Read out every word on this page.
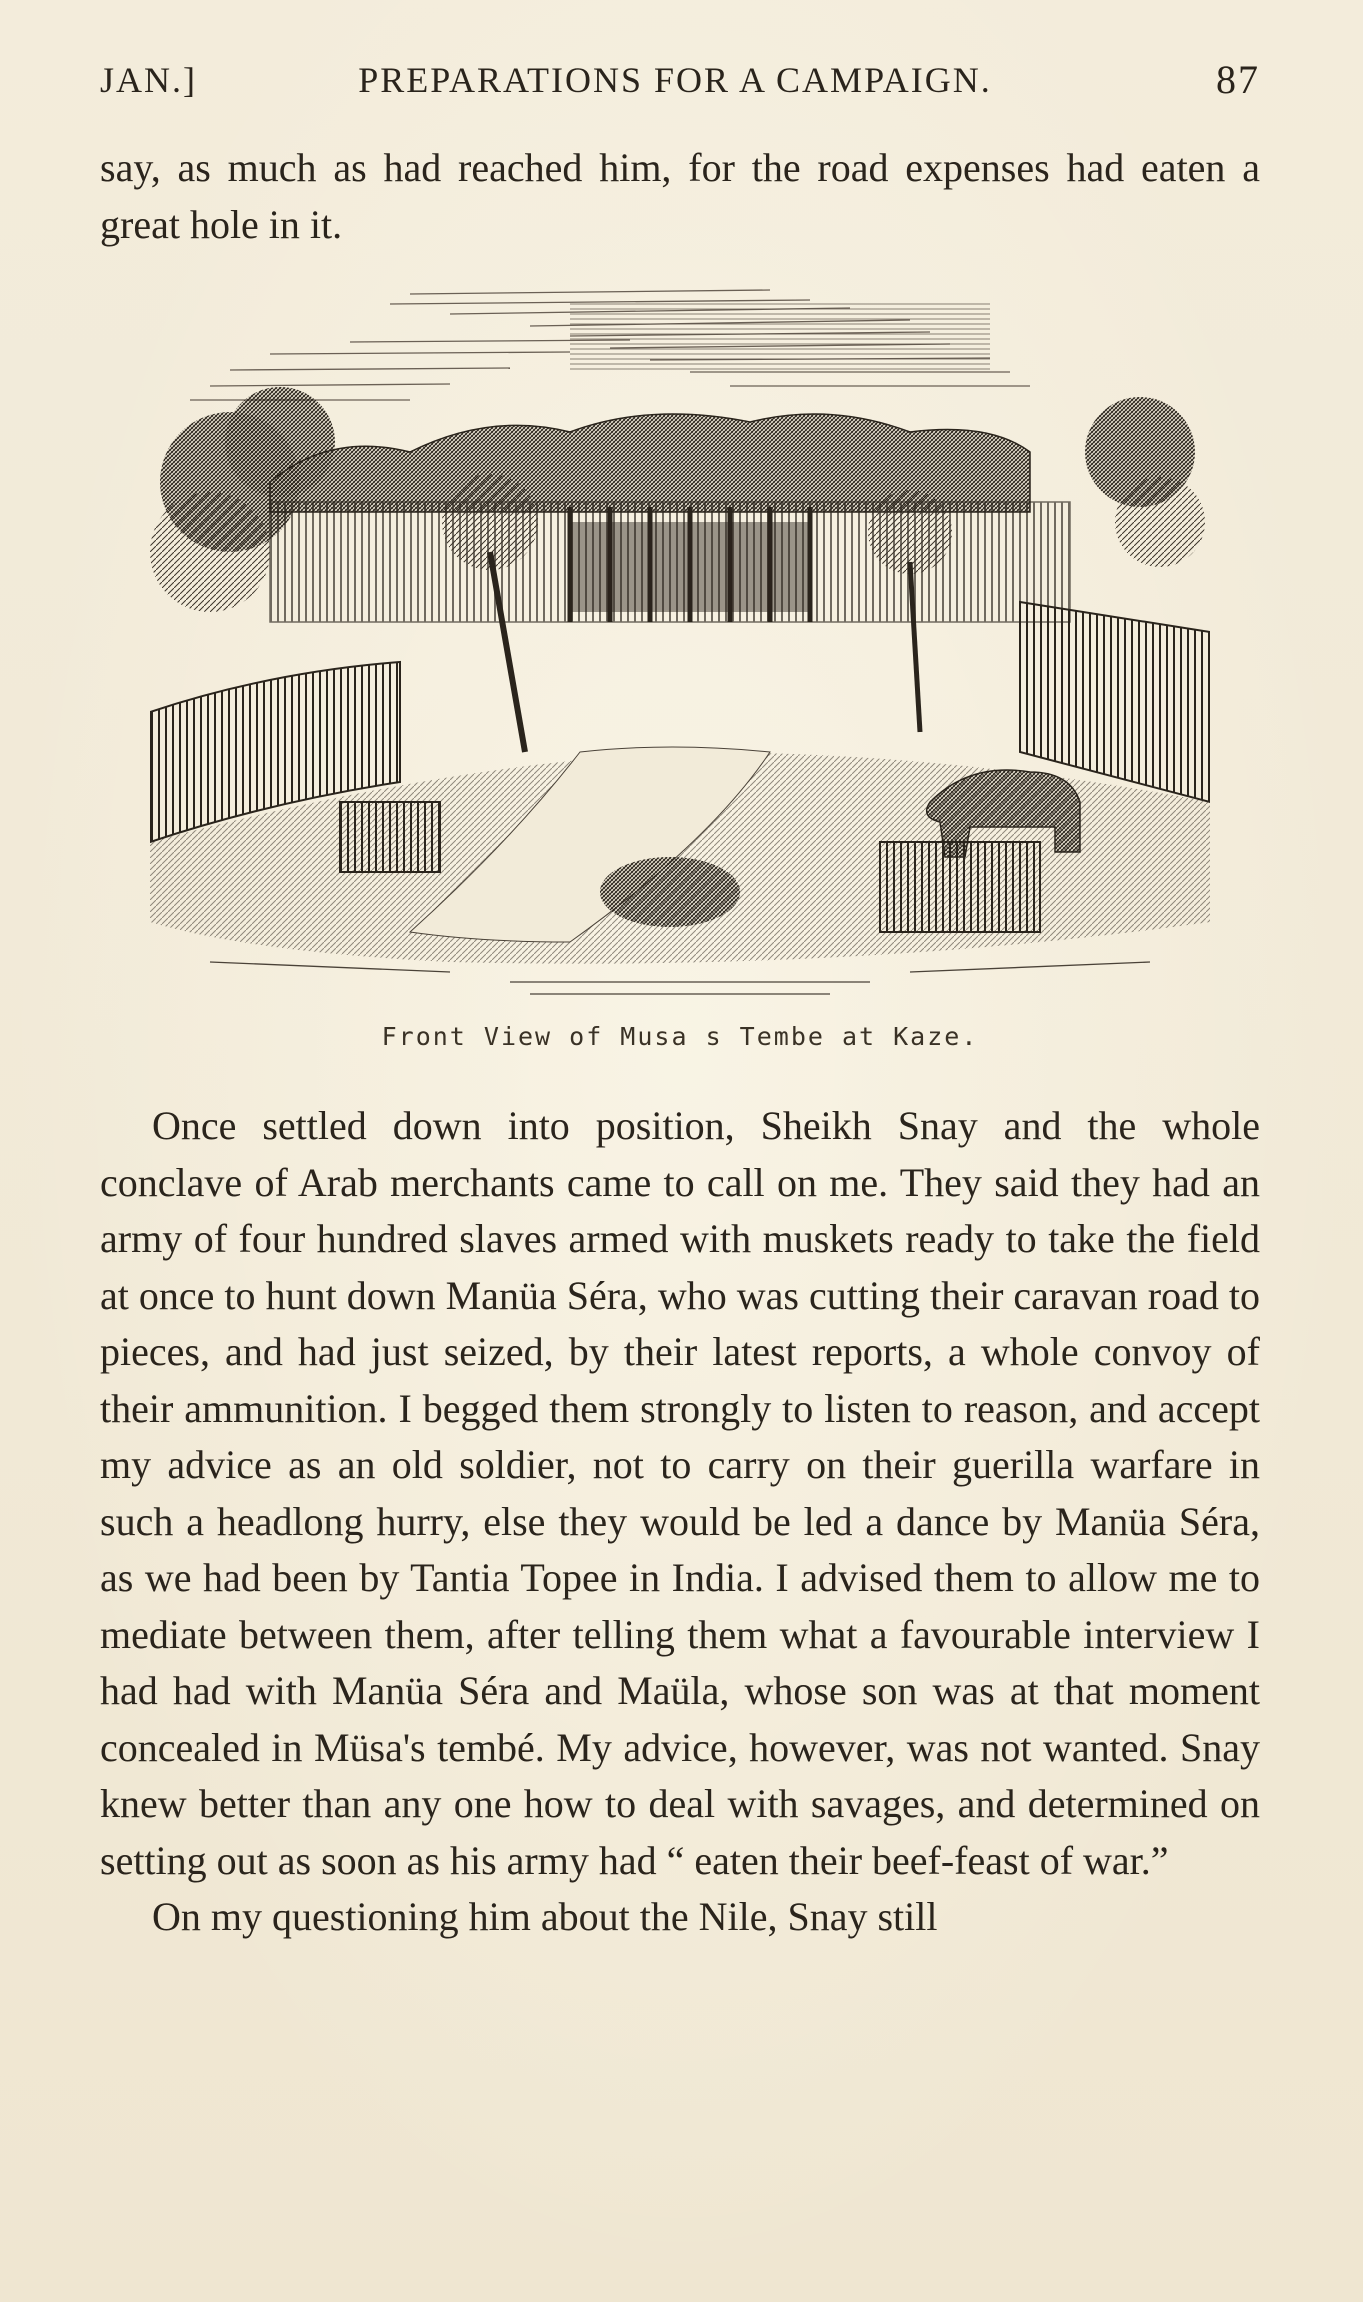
JAN.]	PREPARATIONS FOR A CAMPAIGN.	87

say, as much as had reached him, for the road expenses had eaten a great hole in it.

Front View of Musa s Tembe at Kaze.

Once settled down into position, Sheikh Snay and the whole conclave of Arab merchants came to call on me. They said they had an army of four hundred slaves armed with muskets ready to take the field at once to hunt down Manüa Séra, who was cutting their caravan road to pieces, and had just seized, by their latest reports, a whole convoy of their ammunition. I begged them strongly to listen to reason, and accept my advice as an old soldier, not to carry on their guerilla warfare in such a headlong hurry, else they would be led a dance by Manüa Séra, as we had been by Tantia Topee in India. I advised them to allow me to mediate between them, after telling them what a favourable interview I had had with Manüa Séra and Maüla, whose son was at that moment concealed in Müsa's tembé. My advice, however, was not wanted. Snay knew better than any one how to deal with savages, and determined on setting out as soon as his army had “ eaten their beef-feast of war.”

On my questioning him about the Nile, Snay still
